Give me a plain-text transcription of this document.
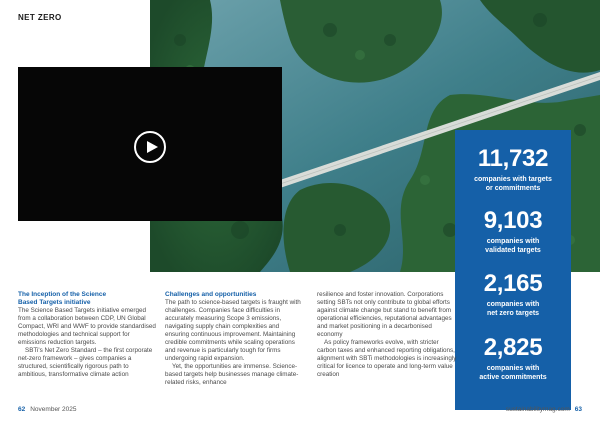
NET ZERO
11,732
companies with targets
or commitments
9,103
companies with
validated targets
2,165
companies with
net zero targets
2,825
companies with
active commitments
The Inception of the Science
Based Targets initiative

The Science Based Targets initiative emerged from a collaboration between CDP, UN Global Compact, WRI and WWF to provide standardised methodologies and technical support for emissions reduction targets.

SBTi's Net Zero Standard – the first corporate net-zero framework – gives companies a structured, scientifically rigorous path to ambitious, transformative climate action

Challenges and opportunities

The path to science-based targets is fraught with challenges. Companies face difficulties in accurately measuring Scope 3 emissions, navigating supply chain complexities and ensuring continuous improvement. Maintaining credible commitments while scaling operations and revenue is particularly tough for firms undergoing rapid expansion.

Yet, the opportunities are immense. Science-based targets help businesses manage climate-related risks, enhance

resilience and foster innovation. Corporations setting SBTs not only contribute to global efforts against climate change but stand to benefit from operational efficiencies, reputational advantages and market positioning in a decarbonised economy

As policy frameworks evolve, with stricter carbon taxes and enhanced reporting obligations, alignment with SBTi methodologies is increasingly critical for licence to operate and long-term value creation

62 November 2025	sustainabilitymag.com 63
